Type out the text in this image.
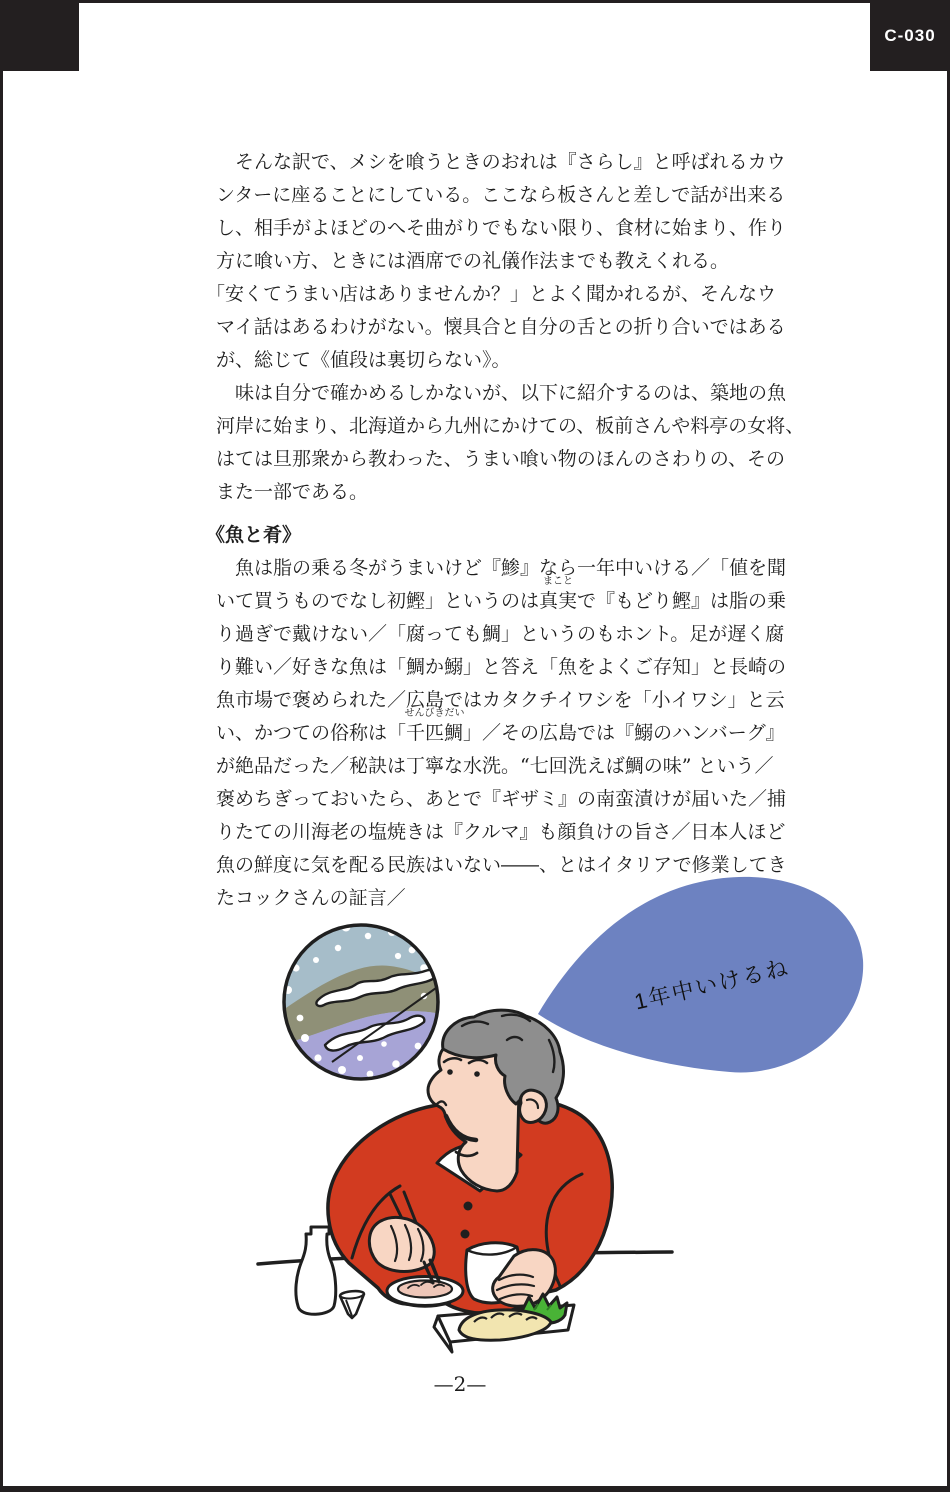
C-030
　そんな訳で、メシを喰うときのおれは『さらし』と呼ばれるカウ
ンターに座ることにしている。ここなら板さんと差しで話が出来る
し、相手がよほどのへそ曲がりでもない限り、食材に始まり、作り
方に喰い方、ときには酒席での礼儀作法までも教えくれる。
「安くてうまい店はありませんか？」とよく聞かれるが、そんなウ
マイ話はあるわけがない。懐具合と自分の舌との折り合いではある
が、総じて《値段は裏切らない》。
　味は自分で確かめるしかないが、以下に紹介するのは、築地の魚
河岸に始まり、北海道から九州にかけての、板前さんや料亭の女将、
はては旦那衆から教わった、うまい喰い物のほんのさわりの、その
また一部である。
《魚と肴》
　魚は脂の乗る冬がうまいけど『鯵』なら一年中いける／「値を聞
いて買うものでなし初鰹」というのは真実
まこと
で『もどり鰹』は脂の乗
り過ぎで戴けない／「腐っても鯛」というのもホント。足が遅く腐
り難い／好きな魚は「鯛か鰯」と答え「魚をよくご存知」と長崎の
魚市場で褒められた／広島ではカタクチイワシを「小イワシ」と云
い、かつての俗称は「千匹鯛
せんびきだい
」／その広島では『鰯のハンバーグ』
が絶品だった／秘訣は丁寧な水洗。“七回洗えば鯛の味” という／
褒めちぎっておいたら、あとで『ギザミ』の南蛮漬けが届いた／捕
りたての川海老の塩焼きは『クルマ』も顔負けの旨さ／日本人ほど
魚の鮮度に気を配る民族はいない――、とはイタリアで修業してき
たコックさんの証言／
1年中いけるね
—2—
